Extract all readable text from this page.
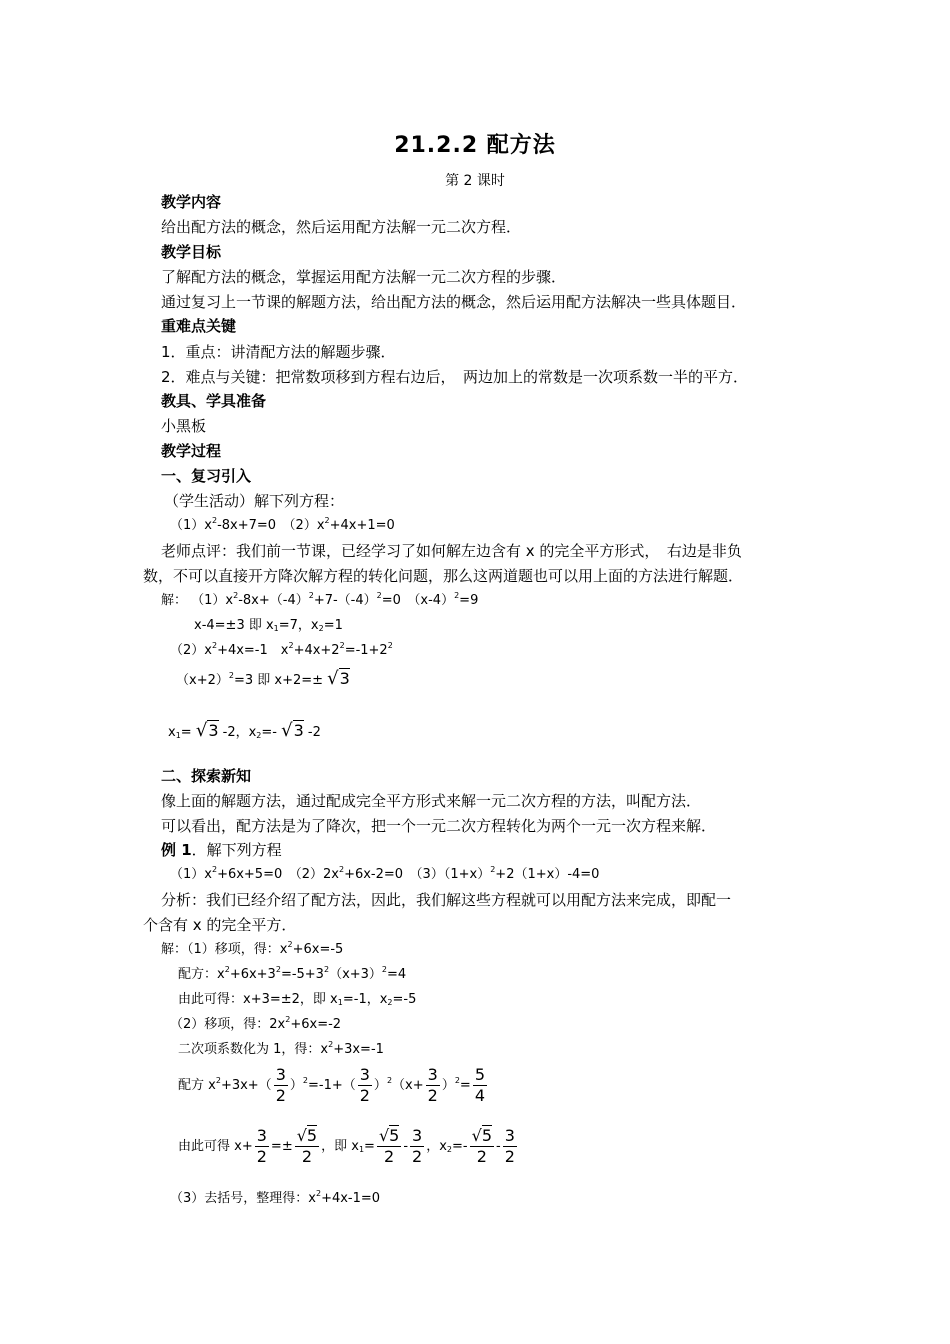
21.2.2 配方法
第 2 课时
教学内容
给出配方法的概念，然后运用配方法解一元二次方程．
教学目标
了解配方法的概念，掌握运用配方法解一元二次方程的步骤．
通过复习上一节课的解题方法，给出配方法的概念，然后运用配方法解决一些具体题目．
重难点关键
1．重点：讲清配方法的解题步骤．
2．难点与关键：把常数项移到方程右边后，　两边加上的常数是一次项系数一半的平方．
教具、学具准备
小黑板
教学过程
一、复习引入
（学生活动）解下列方程：
$(1)x^2-8x+7=0$　$(2)x^2+4x+1=0$
老师点评：我们前一节课，已经学习了如何解左边含有 x 的完全平方形式，　右边是非负
数，不可以直接开方降次解方程的转化问题，那么这两道题也可以用上面的方法进行解题．
解： $(1)x^2-8x+(-4)^2+7-(-4)^2=0$　$(x-4)^2=9$
x-4=±3 即 $x_1=7$，$x_2=1$
$(2)x^2+4x=-1$　$x^2+4x+2^2=-1+2^2$
$(x+2)^2=3$ 即 x+2=± √3
$x_1= √3$ -2，$x_2=-$ √3 -2
二、探索新知
像上面的解题方法，通过配成完全平方形式来解一元二次方程的方法，叫配方法．
可以看出，配方法是为了降次，把一个一元二次方程转化为两个一元一次方程来解．
例 1．解下列方程
$(1)x^2+6x+5=0$　$(2)2x^2+6x-2=0$　$(3)(1+x)^2+2(1+x)-4=0$
分析：我们已经介绍了配方法，因此，我们解这些方程就可以用配方法来完成，即配一
个含有 x 的完全平方．
解：（1）移项，得：$x^2+6x=-5$
配方：$x^2+6x+3^2=-5+3^2(x+3)^2=4$
由此可得：x+3=±2，即 $x_1=-1$，$x_2=-5$
（2）移项，得：$2x^2+6x=-2$
二次项系数化为 1，得：$x^2+3x=-1$
配方 $x^2+3x+( \frac{3}{2} )^2=-1+( \frac{3}{2} )^2(x+ \frac{3}{2} )^2= \frac{5}{4}$
由此可得 $x+ \frac{3}{2} =\pm \frac{√5}{2}$ ，即 $x_1= \frac{√5}{2} - \frac{3}{2}$ ，$x_2=- \frac{√5}{2} - \frac{3}{2}$
（3）去括号，整理得：$x^2+4x-1=0$
